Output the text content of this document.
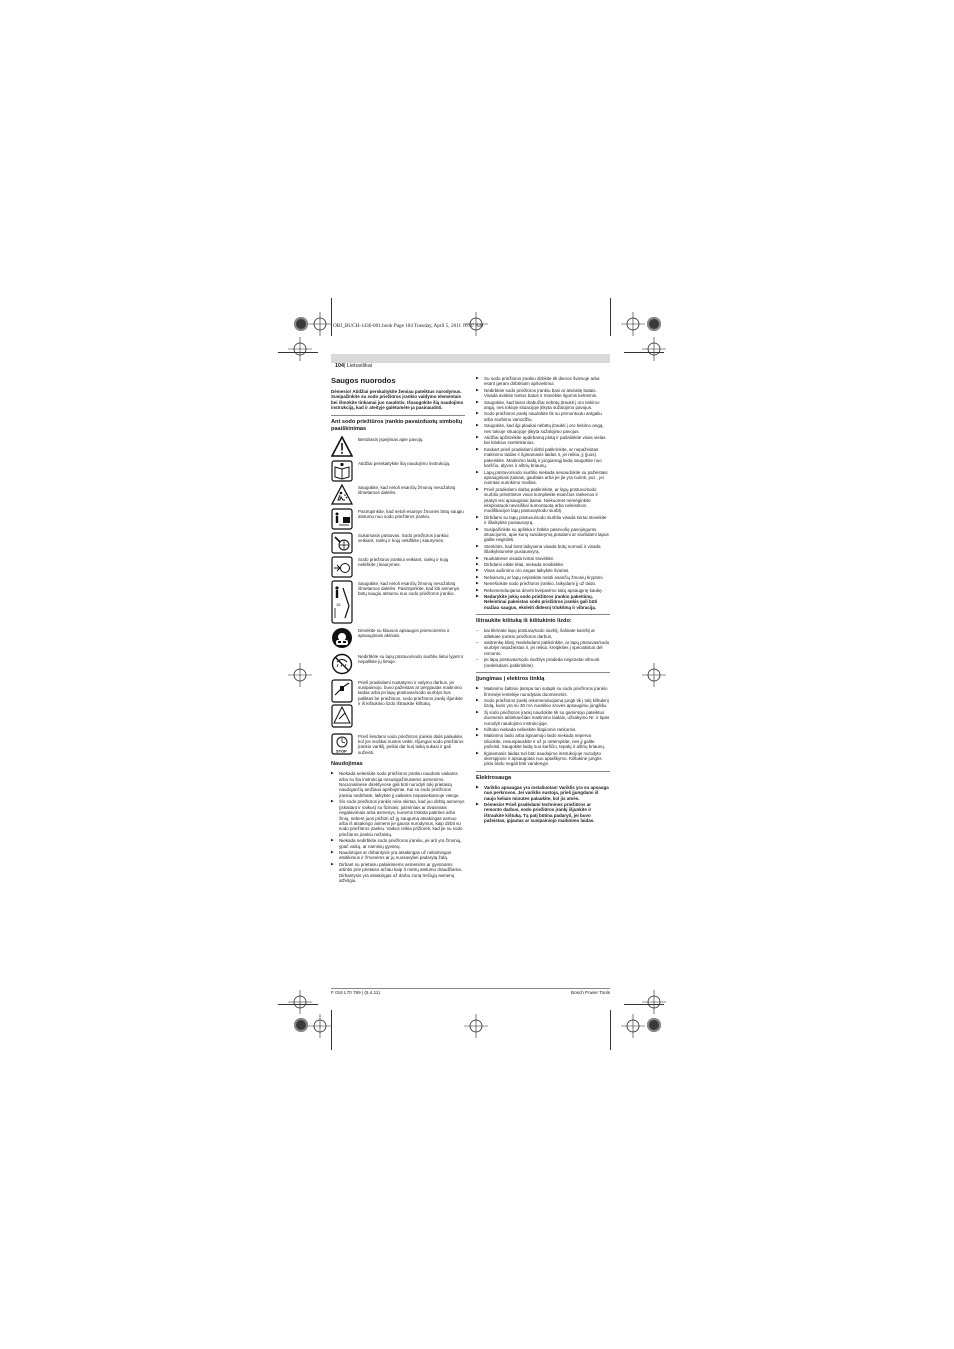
OBJ_BUCH-1436-001.book Page 104 Tuesday, April 5, 2011 10:07 AM
104| Lietuviškai
Saugos nuorodos

Dėmesio! Atidžiai perskaitykite žemiau pateiktus nurodymus. Susipažinkite su sodo priežiūros įrankio valdymo elementais bei išmokite tinkamai juo naudotis. Išsaugokite šią naudojimo instrukciją, kad ir ateityje galėtumėte ja pasinaudoti.

Ant sodo priežiūros įrankio pavaizduotų simbolių paaiškinimas

Bendrasis įspėjimas apie pavojų.

Atidžiai perskaitykite šią naudojimo instrukciją.

Saugokite, kad netoli esančių žmonių nesužalotų išmetamos dalelės.

Pasirūpinkite, kad netoli esantys žmonės būtų saugiu atstumu nuo sodo priežiūros įrankio.

Sukamasis pūstuvas. Sodo priežiūros įrankiui veikiant, rankų ir kojų nekiškite į kiaurymes.

Sodo priežiūros įrankiui veikiant, rankų ir kojų nekiškite į kiaurymes.

15

Saugokite, kad netoli esančių žmonių nesužalotų išmetamos dalelės. Pasirūpinkite, kad kiti asmenys būtų saugiu atstumu nuo sodo priežiūros įrankio.

Dėvėkite su klausos apsaugos priemonėmis ir apsauginiais akiniais.

Nedirbkite su lapų pūstuvu/sodo siurbliu lietui lyjant ir nepalikite jų lietuje.

Prieš pradėdami nustatymo ir valymo darbus, jei susipainiojo, buvo pažeistas ar perpjautas maitinimo laidas arba jei lapų pūstuvas/sodo siurblys bus paliktas be priežiūros, sodo priežiūros įrankį išjunkite ir iš kištukinio lizdo ištraukite kištuką.

STOP

Prieš liesdami sodo priežiūros įrankio dalis palaukite, kol jos visiškai nustos veikti. Išjungus sodo priežiūros įrankio variklį, peiliai dar kurį laiką sukasi ir gali sužeisti.

Naudojimas
▶ Niekada neleiskite sodo priežiūros įrankiu naudotis vaikams arba su šia instrukcija nesusipažinusiems asmenims. Nacionalinėse direktyvose gali būti nurodyti tokį prietaisą naudojančių amžiaus apribojimai. Kai su sodo priežiūros įrankiu nedirbate, laikykite jį vaikams nepasiekiamoje vietoje.
▶ Šis sodo priežiūros įrankis nėra skirtas, kad juo dirbtų asmenys (įskaitant ir vaikus) su fiziniais, jutiminiais ar dvasiniais negalavimais arba asmenys, kuriems trūksta patirties arba žinių, nebent juos prižiūri už jų saugumą atsakingas asmuo arba iš atsakingo asmens jie gauna nurodymus, kaip dirbti su sodo priežiūros įrankiu. Vaikus reikia prižiūrėti, kad jie su sodo priežiūros įrankiu nežaistų.
▶ Niekada nedirbkite sodo priežiūros įrankiu, jei arti yra žmonių, ypač vaikų, ar naminių gyvūnų.
▶ Naudotojas ar dirbantysis yra atsakingas už nelaimingus atsitikimus ir žmonėms ar jų nuosavybei padarytą žalą.
▶ Dirbant su prietaisu palaikiniems asmenims ar gyvūnams artintis prie prietaiso arčiau kaip 3 metrų atstumu draudžiama. Dirbantysis yra atsakingas už darbo zoną trečiųjų asmenų atžvilgiu.
▶ Su sodo priežiūros įrankiu dirbkite tik dienos šviesoje arba esant geram dirbtiniam apšvietimui.
▶ Nedirbkite sodo priežiūros įrankiu basi ar atsiraitę batais. Visada avėkite tvirtus batus ir mūvėkite ilgomis kelnėmis.
▶ Saugokite, kad laisvi drabužiai nebūtų įtraukti į oro tiekimo angą, nes tokioje situacijoje įtikyta sužalojimo pavojus.
▶ Sodo priežiūros įrankį naudokite tik su primontuotu antgaliu arba siurbimo vamzdžiu.
▶ Saugokite, kad ilgi plaukai nebūtų įtraukti į oro tiekimo angą, nes tokioje situacijoje įtikyta sužalojimo pavojus.
▶ Atidžiai apžiūrėkite apdirbamą plotą ir pašalinkite visas vielas bei kitokius svetimkūnius.
▶ Kaskart prieš pradėdami dirbti patikrinkite, ar nepažeistas maitinimo laidas ir ilginamasis laidas ir, jei reikia, jį (juos) pakeiskite. Maitinimo laidą ir jungiamąjį laidą saugokite nuo karščio, alyvos ir aštrių briaunų.
▶ Lapų pūstuvo/sodo siurblio niekada nenaudokite su pažeistais apsauginiais įtaisais, gaubtais arba jei jie yra nuimti, pvz., jei nuimtas surinkimo maišas.
▶ Prieš pradėdami darbą patikrinkite, ar lapų pūstuvo/sodo siurblio pritvirtintos visos kompliekte esančios rankenos ir įstatyti visi apsauginiai įtaisai. Niekuomet nemėginkite eksploatuoti nevisiškai sumontuotą arba neleistinon modifikacijon lapų pūstuvą/sodo siurblį.
▶ Dirbdami su lapų pūstuvu/sodo siurbliu visada tvirtai stovėkite ir išlaikykite pusiausvyrą.
▶ Susipažinkite su aplinka ir būkite pasiruošę pavojingoms situacijoms, apie kurių susidarymą pūsdami ar siurbdami lapus galite negirdėti.
▶ Stenkitės, kad būnt laikysena visada būtų normali ir visada išlaikykitumėte pusiausvyrą.
▶ Nuokalnėse visada tvirtai stovėkite.
▶ Dirbdami eikite lėtai, niekada nesibėkite.
▶ Visas aušinimo oro angas laikykite švarias.
▶ Nelvarumų ar lapų nepūskite netoli esančių žmonių kryptimi.
▶ Nenešiokite sodo priežiūros įrankio, laikydami jį už laido.
▶ Rekomenduojama dėvėti kvėpavimo takų apsauginę kaukę.
▶ Nedarykite jokių sodo priežiūros įrankio pakeitimų. Neleistinai pakeistas sodo priežiūros įrankis gali būti mažiau saugus, eksleiti didesnį triukšmą ir vibraciją.
Ištraukite kištuką iš kištukinio lizdo:
– kai tikrinate lapų pūstuvą/sodo siurblį, šalinate kamštį ar atliekate įrankio priežiūros darbus,
– atsitrenkę kliūtį. Nedelsdami patikrinkite, ar lapų pūstuvas/sodo siurblys nepažeistas ir, jei reikia, kreipkitės į specialistus dėl remonto.
– jei lapų pūstuvas/sodo siurblys pradeda neįprastai vibruoti (nedelsdami patikrinkite).
Įjungimas į elektros tinklą
▶ Maitinimo šaltinio įtampa turi sutapti su sodo priežiūros įrankio firminėje lentelėje nurodytais duomenimis.
▶ Sodo priežiūros įrankį rekomenduojama jungti tik į tokį kištukinį lizdą, kuris yra su 30 mA nuotėkio srovės apsauginiu jungikliu.
▶ Šį sodo priežiūros įrankį naudokite tik su gamintojo pateiktus duomenis atitinkančiais maitinimo laidais, užsakymo Nr. ir tipas nurodyti naudojimo instrukcijoje.
▶ Kištuko niekada nelieskite šlapiomis rankomis.
▶ Maitinimo laido arba ilginamojo laido niekada neperva ūliuokite, nesuspauskite ir už jo netempkite, nes jį galite pažeisti. Saugokite laidą nuo karščio, tepalų ir aštrių briaunų.
▶ Ilginamasis laidas turi būti naudojimo instrukcijoje nurodyto skerspjūvio ir apsaugotas nuo aptaškymo. Kištukinė jungtis jokiu būdu negali būti vandenyje.
Elektrosauga
▶ Variklio apsaugas yra instaliuotas! Variklis yra su apsauga nuo perkrovos. Jei variklis sustoja, prieš jjungdami iš naujo keliais minutes palaukite, kol jis atvės.
▶ Dėmesio! Prieš pradėdami technines priežiūros ar remonto darbus, sodo priežiūros įrankį išjunkite ir ištraukite kištuką. Tą patį būtina padaryti, jei buvo pažeistas, įpjautas ar susipainiojo maitinimo laidas.
F 016 L70 799 | (5.4.11)	Bosch Power Tools
